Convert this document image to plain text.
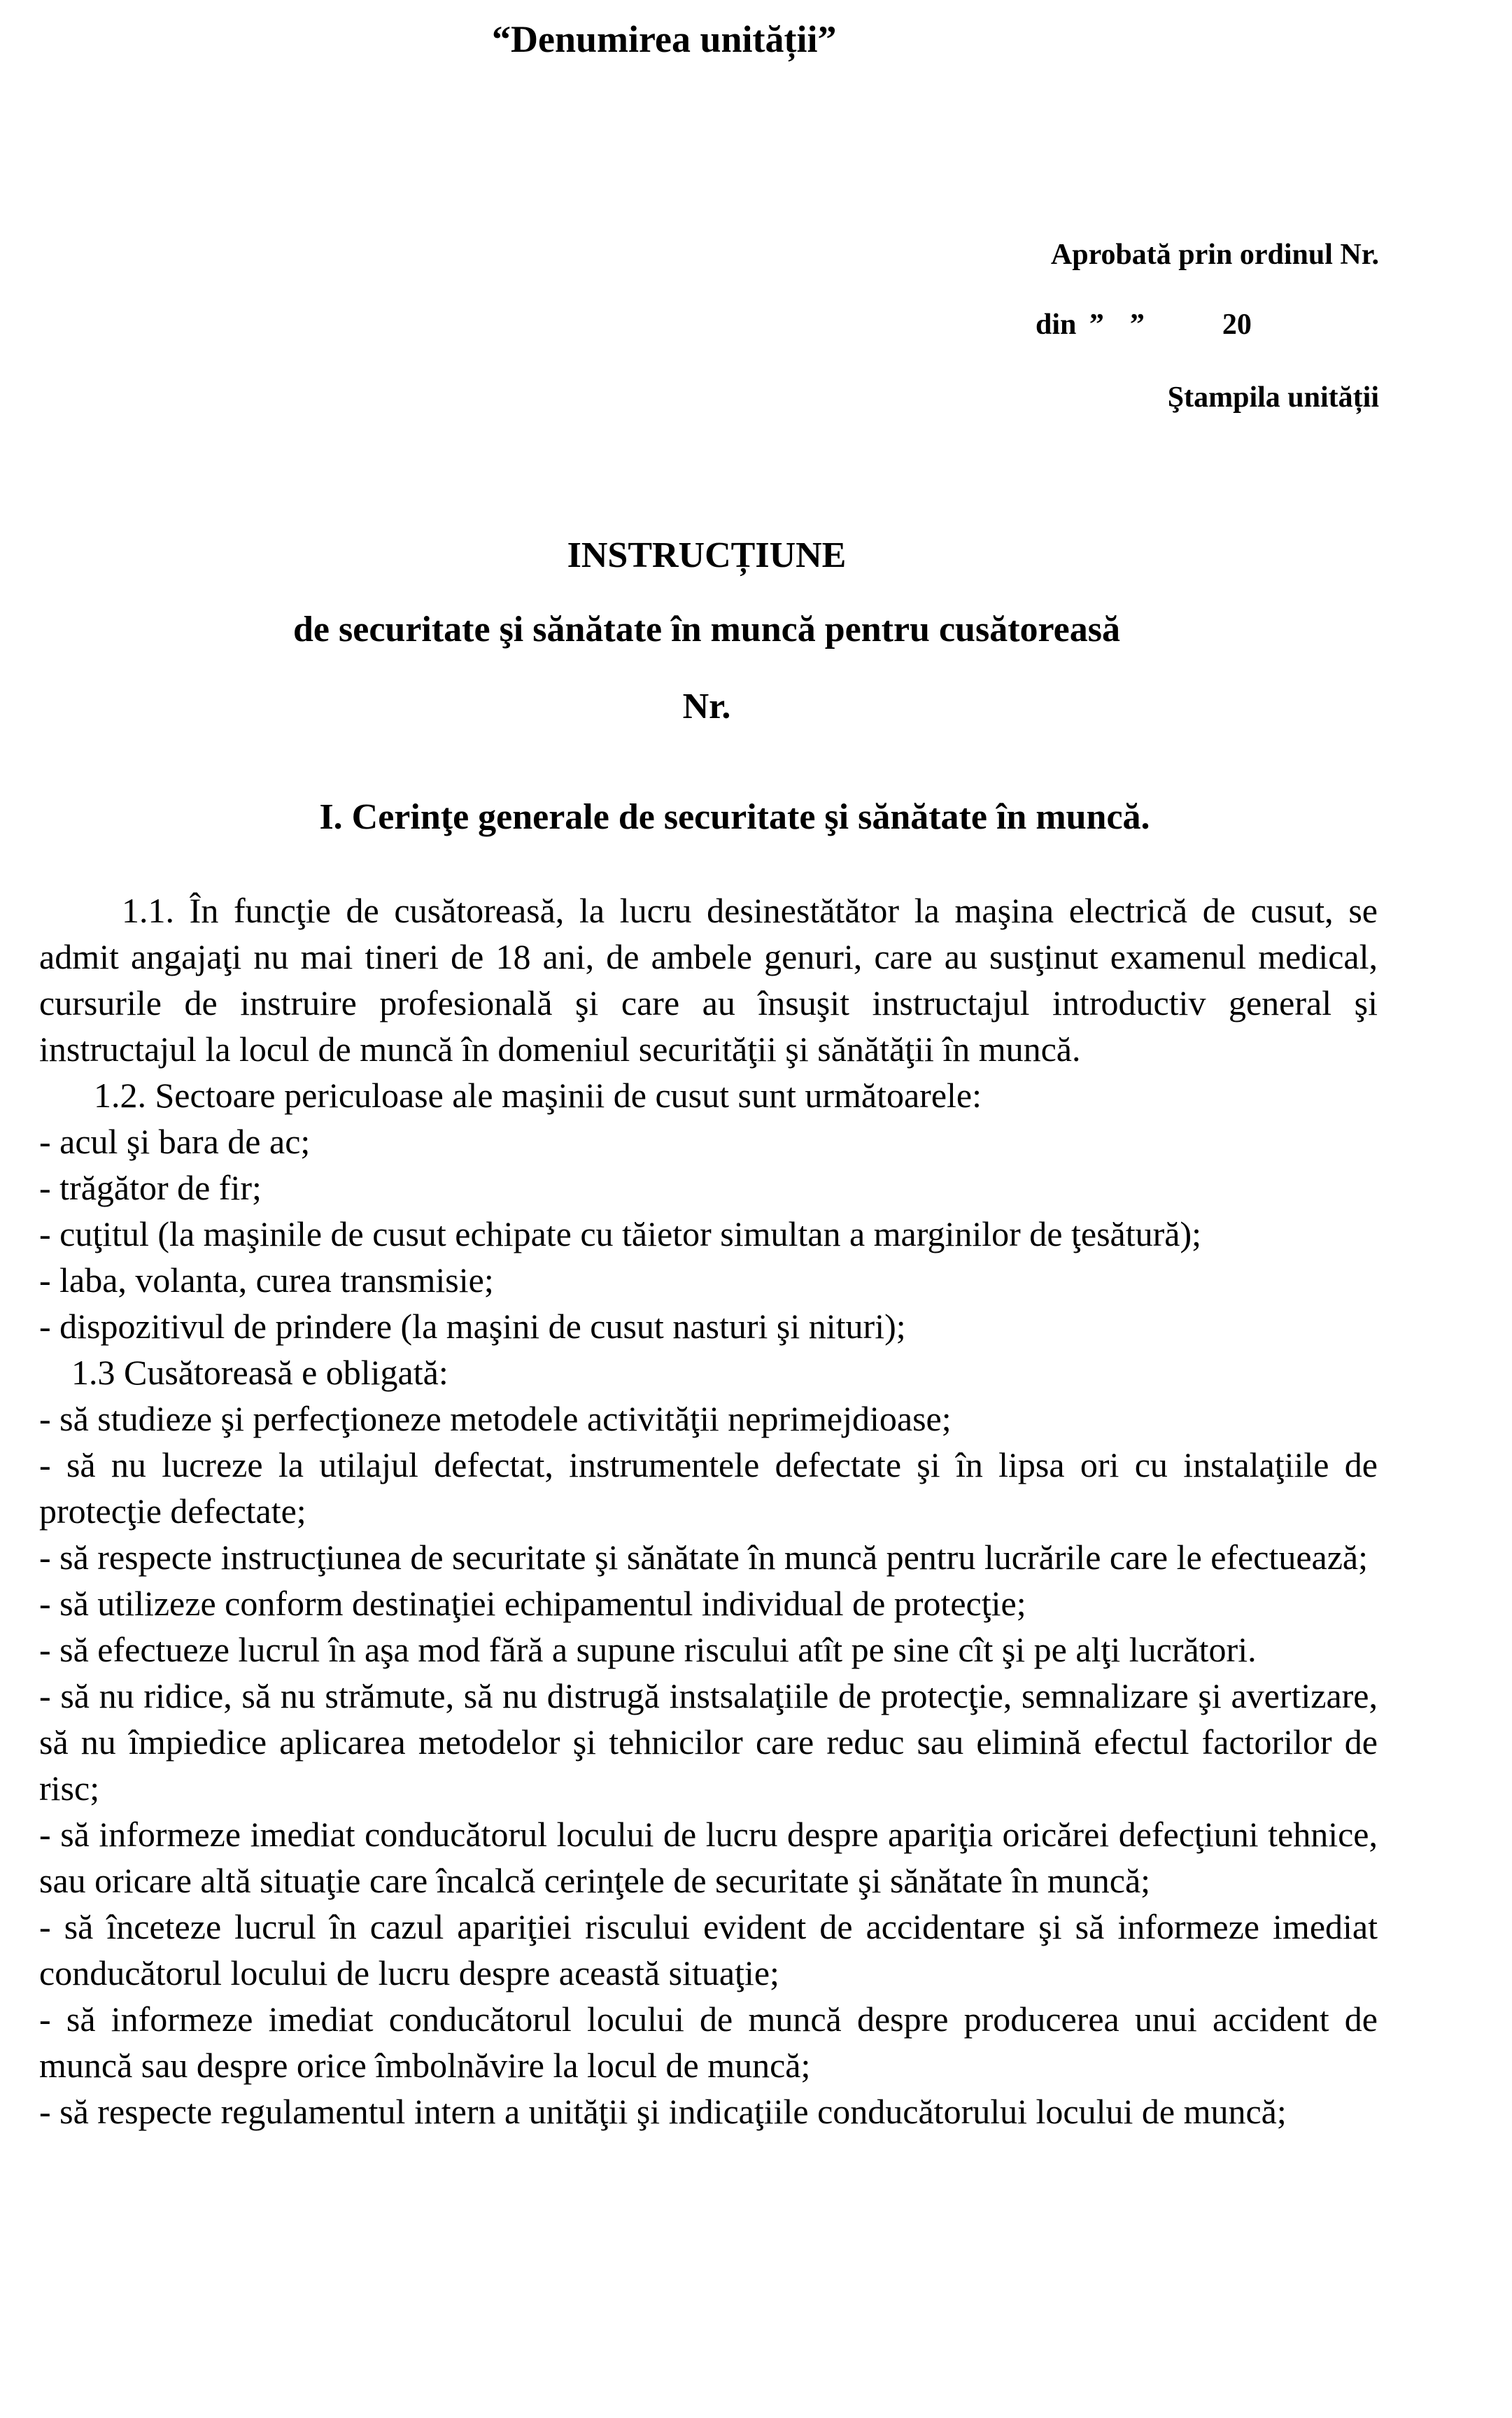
“Denumirea unității”
Aprobată prin ordinul Nr.
din ”  ”      20
Ştampila unității
INSTRUCȚIUNE
de securitate şi sănătate în muncă pentru cusătoreasă
Nr.
I. Cerinţe generale de securitate şi sănătate în muncă.

1.1. În funcţie de cusătoreasă, la lucru desinestătător la maşina electrică de cusut, se admit angajaţi nu mai tineri de 18 ani, de ambele genuri, care au susţinut examenul medical, cursurile de instruire profesională şi care au însuşit instructajul introductiv general şi instructajul la locul de muncă în domeniul securităţii şi sănătăţii în muncă.

1.2. Sectoare periculoase ale maşinii de cusut sunt următoarele:

- acul şi bara de ac;

- trăgător de fir;

- cuţitul (la maşinile de cusut echipate cu tăietor simultan a marginilor de ţesătură);

- laba, volanta, curea transmisie;

- dispozitivul de prindere (la maşini de cusut nasturi şi nituri);

1.3 Cusătoreasă e obligată:

- să studieze şi perfecţioneze metodele activităţii neprimejdioase;

- să nu lucreze la utilajul defectat, instrumentele defectate şi în lipsa ori cu instalaţiile de protecţie defectate;

- să respecte instrucţiunea de securitate şi sănătate în muncă pentru lucrările care le efectuează;

- să utilizeze conform destinaţiei echipamentul individual de protecţie;

- să efectueze lucrul în aşa mod fără a supune riscului atît pe sine cît şi pe alţi lucrători.

- să nu ridice, să nu strămute, să nu distrugă instsalaţiile de protecţie, semnalizare şi avertizare, să nu împiedice aplicarea metodelor şi tehnicilor care reduc sau elimină efectul factorilor de risc;

- să informeze imediat conducătorul locului de lucru despre apariţia oricărei defecţiuni tehnice, sau oricare altă situaţie care încalcă cerinţele de securitate şi sănătate în muncă;

- să înceteze lucrul în cazul apariţiei riscului evident de accidentare şi să informeze imediat conducătorul locului de lucru despre această situaţie;

- să informeze imediat conducătorul locului de muncă despre producerea unui accident de muncă sau despre orice îmbolnăvire la locul de muncă;

- să respecte regulamentul intern a unităţii şi indicaţiile conducătorului locului de muncă;
